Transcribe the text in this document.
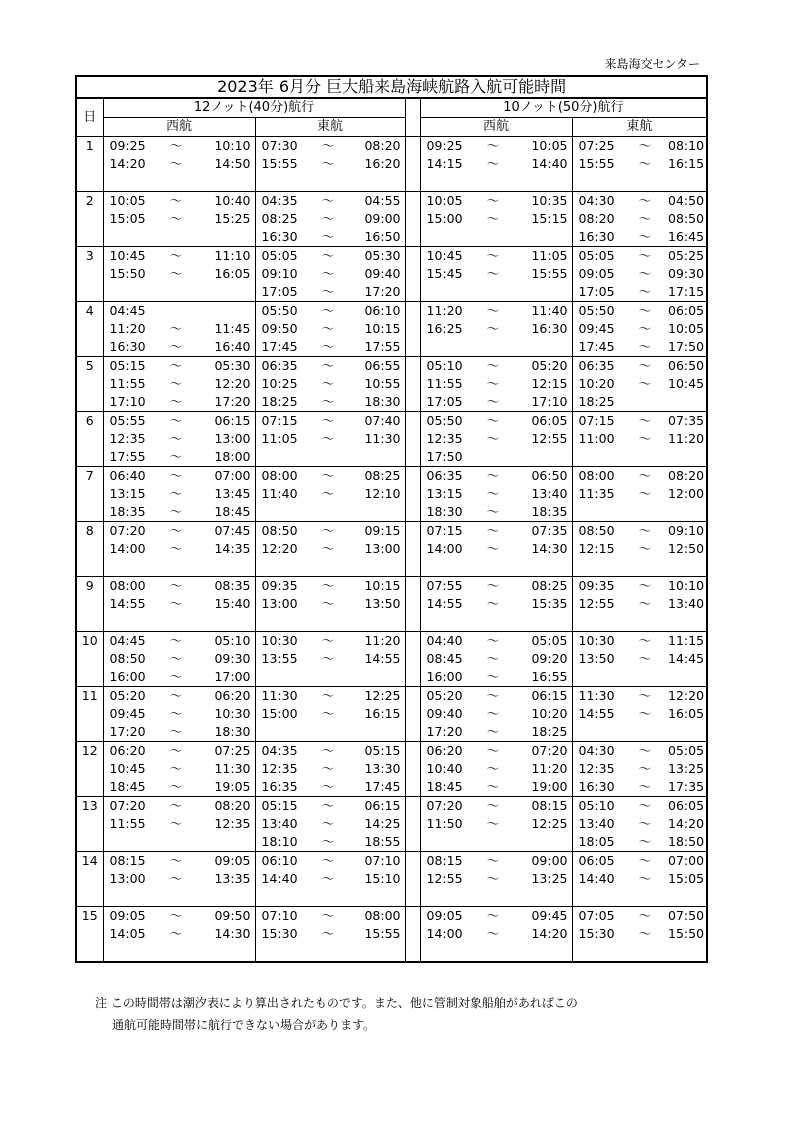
来島海交センター
2023年 6月分 巨大船来島海峡航路入航可能時間													
日	12ノット(40分)航行							10ノット(50分)航行					
	西航			東航				西航			東航		
1	09:25	～	10:10	07:30	～	08:20		09:25	～	10:05	07:25	～	08:10
	14:20	～	14:50	15:55	～	16:20		14:15	～	14:40	15:55	～	16:15

2	10:05	～	10:40	04:35	～	04:55		10:05	～	10:35	04:30	～	04:50
	15:05	～	15:25	08:25	～	09:00		15:00	～	15:15	08:20	～	08:50
				16:30	～	16:50					16:30	～	16:45
3	10:45	～	11:10	05:05	～	05:30		10:45	～	11:05	05:05	～	05:25
	15:50	～	16:05	09:10	～	09:40		15:45	～	15:55	09:05	～	09:30
				17:05	～	17:20					17:05	～	17:15
4	04:45			05:50	～	06:10		11:20	～	11:40	05:50	～	06:05
	11:20	～	11:45	09:50	～	10:15		16:25	～	16:30	09:45	～	10:05
	16:30	～	16:40	17:45	～	17:55					17:45	～	17:50
5	05:15	～	05:30	06:35	～	06:55		05:10	～	05:20	06:35	～	06:50
	11:55	～	12:20	10:25	～	10:55		11:55	～	12:15	10:20	～	10:45
	17:10	～	17:20	18:25	～	18:30		17:05	～	17:10	18:25		
6	05:55	～	06:15	07:15	～	07:40		05:50	～	06:05	07:15	～	07:35
	12:35	～	13:00	11:05	～	11:30		12:35	～	12:55	11:00	～	11:20
	17:55	～	18:00					17:50					
7	06:40	～	07:00	08:00	～	08:25		06:35	～	06:50	08:00	～	08:20
	13:15	～	13:45	11:40	～	12:10		13:15	～	13:40	11:35	～	12:00
	18:35	～	18:45					18:30	～	18:35			
8	07:20	～	07:45	08:50	～	09:15		07:15	～	07:35	08:50	～	09:10
	14:00	～	14:35	12:20	～	13:00		14:00	～	14:30	12:15	～	12:50

9	08:00	～	08:35	09:35	～	10:15		07:55	～	08:25	09:35	～	10:10
	14:55	～	15:40	13:00	～	13:50		14:55	～	15:35	12:55	～	13:40

10	04:45	～	05:10	10:30	～	11:20		04:40	～	05:05	10:30	～	11:15
	08:50	～	09:30	13:55	～	14:55		08:45	～	09:20	13:50	～	14:45
	16:00	～	17:00					16:00	～	16:55			
11	05:20	～	06:20	11:30	～	12:25		05:20	～	06:15	11:30	～	12:20
	09:45	～	10:30	15:00	～	16:15		09:40	～	10:20	14:55	～	16:05
	17:20	～	18:30					17:20	～	18:25			
12	06:20	～	07:25	04:35	～	05:15		06:20	～	07:20	04:30	～	05:05
	10:45	～	11:30	12:35	～	13:30		10:40	～	11:20	12:35	～	13:25
	18:45	～	19:05	16:35	～	17:45		18:45	～	19:00	16:30	～	17:35
13	07:20	～	08:20	05:15	～	06:15		07:20	～	08:15	05:10	～	06:05
	11:55	～	12:35	13:40	～	14:25		11:50	～	12:25	13:40	～	14:20
				18:10	～	18:55					18:05	～	18:50
14	08:15	～	09:05	06:10	～	07:10		08:15	～	09:00	06:05	～	07:00
	13:00	～	13:35	14:40	～	15:10		12:55	～	13:25	14:40	～	15:05

15	09:05	～	09:50	07:10	～	08:00		09:05	～	09:45	07:05	～	07:50
	14:05	～	14:30	15:30	～	15:55		14:00	～	14:20	15:30	～	15:50

注 この時間帯は潮汐表により算出されたものです。また、他に管制対象船舶があればこの
通航可能時間帯に航行できない場合があります。
